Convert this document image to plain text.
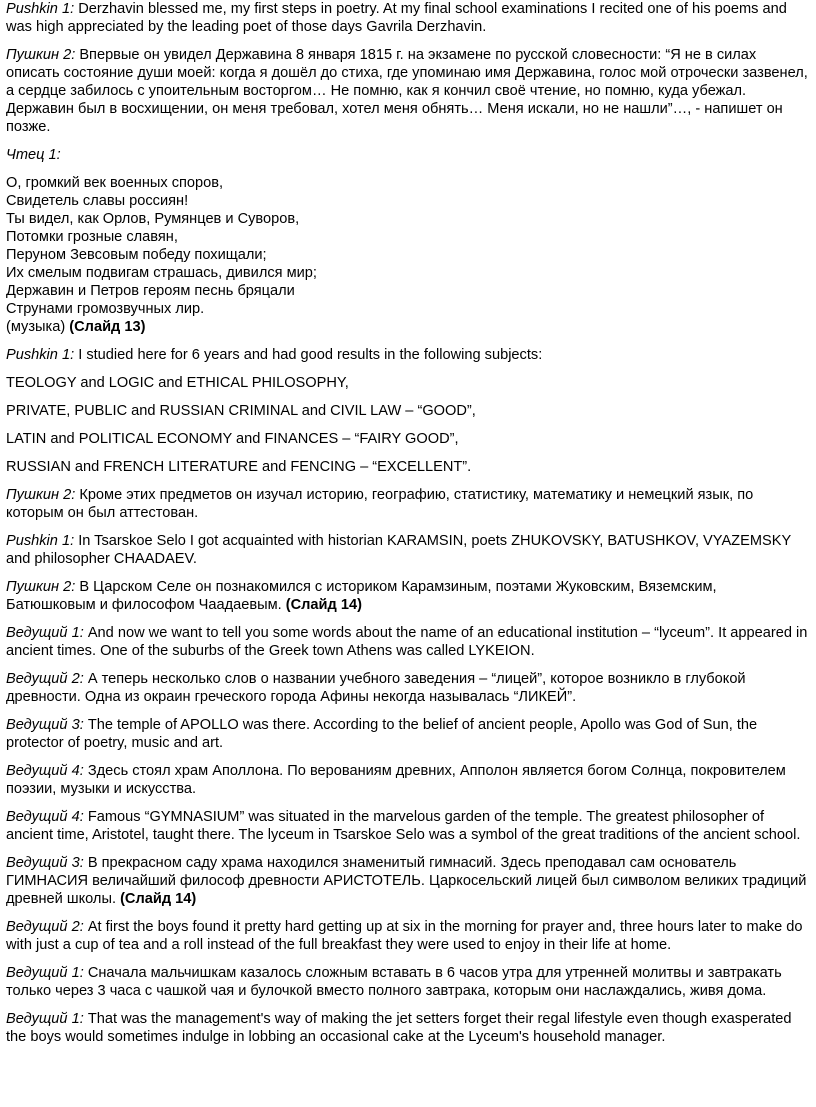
Pushkin 1: Derzhavin blessed me, my first steps in poetry. At my final school examinations I recited one of his poems and was high appreciated by the leading poet of those days Gavrila Derzhavin.

Пушкин 2: Впервые он увидел Державина 8 января 1815 г. на экзамене по русской словесности: “Я не в силах описать состояние души моей: когда я дошёл до стиха, где упоминаю имя Державина, голос мой отрочески зазвенел, а сердце забилось с упоительным восторгом… Не помню, как я кончил своё чтение, но помню, куда убежал. Державин был в восхищении, он меня требовал, хотел меня обнять… Меня искали, но не нашли”…, - напишет он позже.

Чтец 1:

О, громкий век военных споров,
Свидетель славы россиян!
Ты видел, как Орлов, Румянцев и Суворов,
Потомки грозные славян,
Перуном Зевсовым победу похищали;
Их смелым подвигам страшась, дивился мир;
Державин и Петров героям песнь бряцали
Струнами громозвучных лир.
(музыка) (Слайд 13)

Pushkin 1: I studied here for 6 years and had good results in the following subjects:

TEOLOGY and LOGIC and ETHICAL PHILOSOPHY,

PRIVATE, PUBLIC and RUSSIAN CRIMINAL and CIVIL LAW – “GOOD”,

LATIN and POLITICAL ECONOMY and FINANCES – “FAIRY GOOD”,

RUSSIAN and FRENCH LITERATURE and FENCING – “EXCELLENT”.

Пушкин 2: Кроме этих предметов он изучал историю, географию, статистику, математику и немецкий язык, по которым он был аттестован.

Pushkin 1: In Tsarskoe Selo I got acquainted with historian KARAMSIN, poets ZHUKOVSKY, BATUSHKOV, VYAZEMSKY and philosopher CHAADAEV.

Пушкин 2: В Царском Селе он познакомился с историком Карамзиным, поэтами Жуковским, Вяземским, Батюшковым и философом Чаадаевым. (Слайд 14)

Ведущий 1: And now we want to tell you some words about the name of an educational institution – “lyceum”. It appeared in ancient times. One of the suburbs of the Greek town Athens was called LYKEION.

Ведущий 2: А теперь несколько слов о названии учебного заведения – “лицей”, которое возникло в глубокой древности. Одна из окраин греческого города Афины некогда называлась “ЛИКЕЙ”.

Ведущий 3: The temple of APOLLO was there. According to the belief of ancient people, Apollo was God of Sun, the protector of poetry, music and art.

Ведущий 4: Здесь стоял храм Аполлона. По верованиям древних, Апполон является богом Солнца, покровителем поэзии, музыки и искусства.

Ведущий 4: Famous “GYMNASIUM” was situated in the marvelous garden of the temple. The greatest philosopher of ancient time, Aristotel, taught there. The lyceum in Tsarskoe Selo was a symbol of the great traditions of the ancient school.

Ведущий 3: В прекрасном саду храма находился знаменитый гимнасий. Здесь преподавал сам основатель ГИМНАСИЯ величайший философ древности АРИСТОТЕЛЬ. Царкосельский лицей был символом великих традиций древней школы. (Слайд 14)

Ведущий 2: At first the boys found it pretty hard getting up at six in the morning for prayer and, three hours later to make do with just a cup of tea and a roll instead of the full breakfast they were used to enjoy in their life at home.

Ведущий 1: Сначала мальчишкам казалось сложным вставать в 6 часов утра для утренней молитвы и завтракать только через 3 часа с чашкой чая и булочкой вместо полного завтрака, которым они наслаждались, живя дома.

Ведущий 1: That was the management's way of making the jet setters forget their regal lifestyle even though exasperated the boys would sometimes indulge in lobbing an occasional cake at the Lyceum's household manager.
